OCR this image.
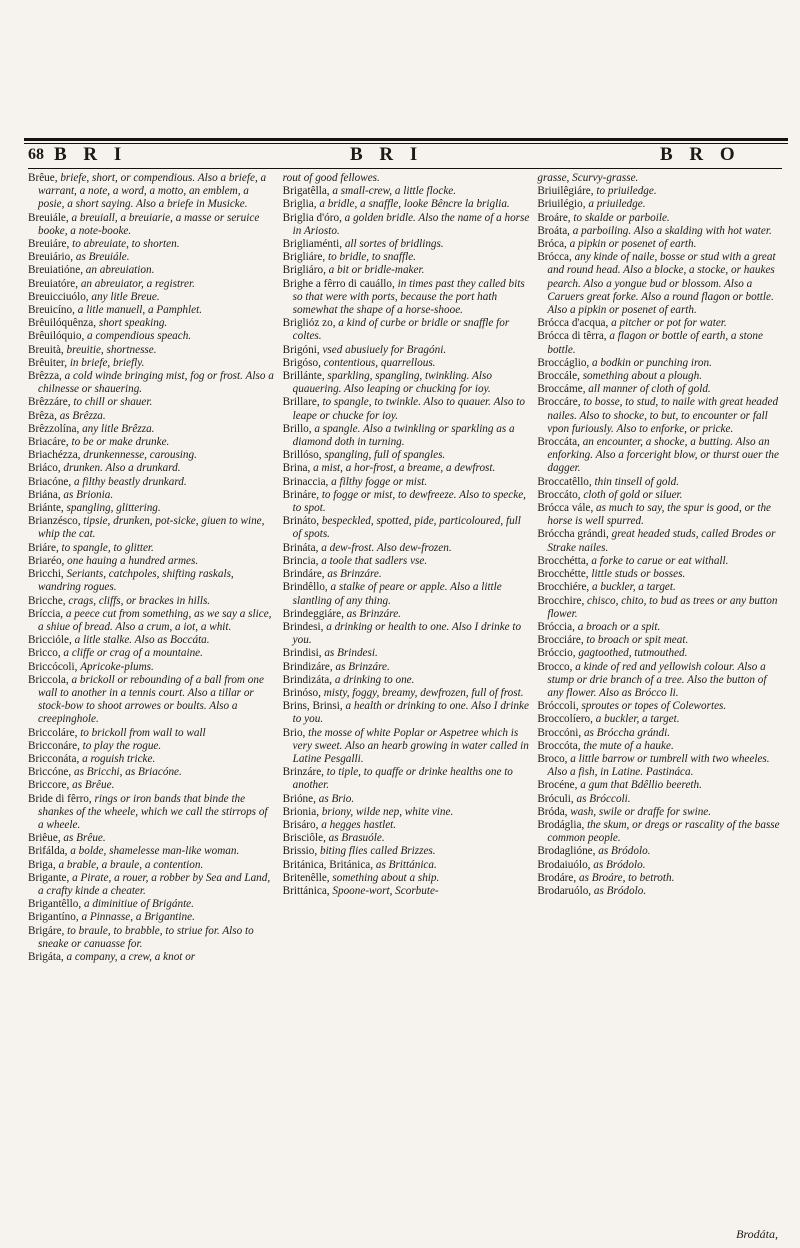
68 B R I	B R I	B R O

Brêue, briefe, short, or compendious. Also a briefe, a warrant, a note, a word, a motto, an emblem, a posie, a short saying. Also a briefe in Musicke.

Breuiále, a breuiall, a breuiarie, a masse or seruice booke, a note-booke.

Breuiáre, to abreuiate, to shorten.

Breuiário, as Breuiále.

Breuiatióne, an abreuiation.

Breuiatóre, an abreuiator, a registrer.

Breuicciuólo, any litle Breue.

Breuicíno, a litle manuell, a Pamphlet.

Brêuilóquênza, short speaking.

Brêuilóquio, a compendious speach.

Breuità, breuitie, shortnesse.

Brêuiter, in briefe, briefly.

Brêzza, a cold winde bringing mist, fog or frost. Also a chilnesse or shauering.

Brêzzáre, to chill or shauer.

Brêza, as Brêzza.

Brêzzolína, any litle Brêzza.

Briacáre, to be or make drunke.

Briachézza, drunkennesse, carousing.

Briáco, drunken. Also a drunkard.

Briacóne, a filthy beastly drunkard.

Briána, as Brionia.

Briánte, spangling, glittering.

Brianzésco, tipsie, drunken, pot-sicke, giuen to wine, whip the cat.

Briáre, to spangle, to glitter.

Briaréo, one hauing a hundred armes.

Bricchi, Seriants, catchpoles, shifting raskals, wandring rogues.

Bricche, crags, cliffs, or brackes in hills.

Bríccia, a peece cut from something, as we say a slice, a shiue of bread. Also a crum, a iot, a whit.

Briccióle, a litle stalke. Also as Boccáta.

Bricco, a cliffe or crag of a mountaine.

Briccócoli, Apricoke-plums.

Briccola, a brickoll or rebounding of a ball from one wall to another in a tennis court. Also a tillar or stock-bow to shoot arrowes or boults. Also a creepinghole.

Briccoláre, to brickoll from wall to wall

Bricconáre, to play the rogue.

Bricconáta, a roguish tricke.

Briccóne, as Bricchi, as Briacóne.

Briccore, as Brêue.

Bride di fêrro, rings or iron bands that binde the shankes of the wheele, which we call the stirrops of a wheele.

Briêue, as Brêue.

Brifálda, a bolde, shamelesse man-like woman.

Briga, a brable, a braule, a contention.

Brigante, a Pirate, a rouer, a robber by Sea and Land, a crafty kinde a cheater.

Brigantêllo, a diminitiue of Brigánte.

Brigantíno, a Pinnasse, a Brigantine.

Brigáre, to braule, to brabble, to striue for. Also to sneake or canuasse for.

Brigáta, a company, a crew, a knot or

rout of good fellowes.

Brigatêlla, a small-crew, a little flocke.

Briglia, a bridle, a snaffle, looke Bêncre la briglia.

Briglia d'óro, a golden bridle. Also the name of a horse in Ariosto.

Brigliaménti, all sortes of bridlings.

Brigliáre, to bridle, to snaffle.

Brigliáro, a bit or bridle-maker.

Brighe a fêrro di cauállo, in times past they called bits so that were with ports, because the port hath somewhat the shape of a horse-shooe.

Briglióz zo, a kind of curbe or bridle or snaffle for coltes.

Brigóni, vsed abusiuely for Bragóni.

Brigóso, contentious, quarrellous.

Brillánte, sparkling, spangling, twinkling. Also quauering. Also leaping or chucking for ioy.

Brillare, to spangle, to twinkle. Also to quauer. Also to leape or chucke for ioy.

Brillo, a spangle. Also a twinkling or sparkling as a diamond doth in turning.

Brillóso, spangling, full of spangles.

Brina, a mist, a hor-frost, a breame, a dewfrost.

Brinaccia, a filthy fogge or mist.

Brináre, to fogge or mist, to dewfreeze. Also to specke, to spot.

Brináto, bespeckled, spotted, pide, particoloured, full of spots.

Brináta, a dew-frost. Also dew-frozen.

Brincia, a toole that sadlers vse.

Brindáre, as Brinzáre.

Brindêllo, a stalke of peare or apple. Also a little slantling of any thing.

Brindeggiáre, as Brinzáre.

Brindesi, a drinking or health to one. Also I drinke to you.

Brindisi, as Brindesi.

Brindizáre, as Brinzáre.

Brindizáta, a drinking to one.

Brinóso, misty, foggy, breamy, dewfrozen, full of frost.

Brins, Brinsi, a health or drinking to one. Also I drinke to you.

Brio, the mosse of white Poplar or Aspetree which is very sweet. Also an hearb growing in water called in Latine Pesgalli.

Brinzáre, to tiple, to quaffe or drinke healths one to another.

Brióne, as Brio.

Brionia, briony, wilde nep, white vine.

Brisáro, a hegges hastlet.

Brisciôle, as Brasuóle.

Brissio, biting flies called Brizzes.

Británica, Británica, as Brittánica.

Britenêlle, something about a ship.

Brittánica, Spoone-wort, Scorbute-

grasse, Scurvy-grasse.

Briuilêgiáre, to priuiledge.

Briuilégio, a priuiledge.

Broáre, to skalde or parboile.

Broáta, a parboiling. Also a skalding with hot water.

Bróca, a pipkin or posenet of earth.

Brócca, any kinde of naile, bosse or stud with a great and round head. Also a blocke, a stocke, or haukes pearch. Also a yongue bud or blossom. Also a Caruers great forke. Also a round flagon or bottle. Also a pipkin or posenet of earth.

Brócca d'acqua, a pitcher or pot for water.

Brócca di têrra, a flagon or bottle of earth, a stone bottle.

Broccáglio, a bodkin or punching iron.

Broccále, something about a plough.

Broccáme, all manner of cloth of gold.

Broccáre, to bosse, to stud, to naile with great headed nailes. Also to shocke, to but, to encounter or fall vpon furiously. Also to enforke, or pricke.

Broccáta, an encounter, a shocke, a butting. Also an enforking. Also a forceright blow, or thurst ouer the dagger.

Broccatêllo, thin tinsell of gold.

Broccáto, cloth of gold or siluer.

Brócca vále, as much to say, the spur is good, or the horse is well spurred.

Bróccha grándi, great headed studs, called Brodes or Strake nailes.

Brocchétta, a forke to carue or eat withall.

Brocchétte, little studs or bosses.

Brocchiére, a buckler, a target.

Brocchire, chisco, chito, to bud as trees or any button flower.

Bróccia, a broach or a spit.

Brocciáre, to broach or spit meat.

Bróccio, gagtoothed, tutmouthed.

Brocco, a kinde of red and yellowish colour. Also a stump or drie branch of a tree. Also the button of any flower. Also as Brócco li.

Bróccoli, sproutes or topes of Colewortes.

Broccolíero, a buckler, a target.

Broccóni, as Bróccha grándi.

Broccóta, the mute of a hauke.

Broco, a little barrow or tumbrell with two wheeles. Also a fish, in Latine. Pastináca.

Brocéne, a gum that Bdêllio beereth.

Bróculi, as Bróccoli.

Bróda, wash, swile or draffe for swine.

Brodáglia, the skum, or dregs or rascality of the basse common people.

Brodaglióne, as Bródolo.

Brodaiuólo, as Bródolo.

Brodáre, as Broáre, to betroth.

Brodaruólo, as Bródolo.

Brodáta,
